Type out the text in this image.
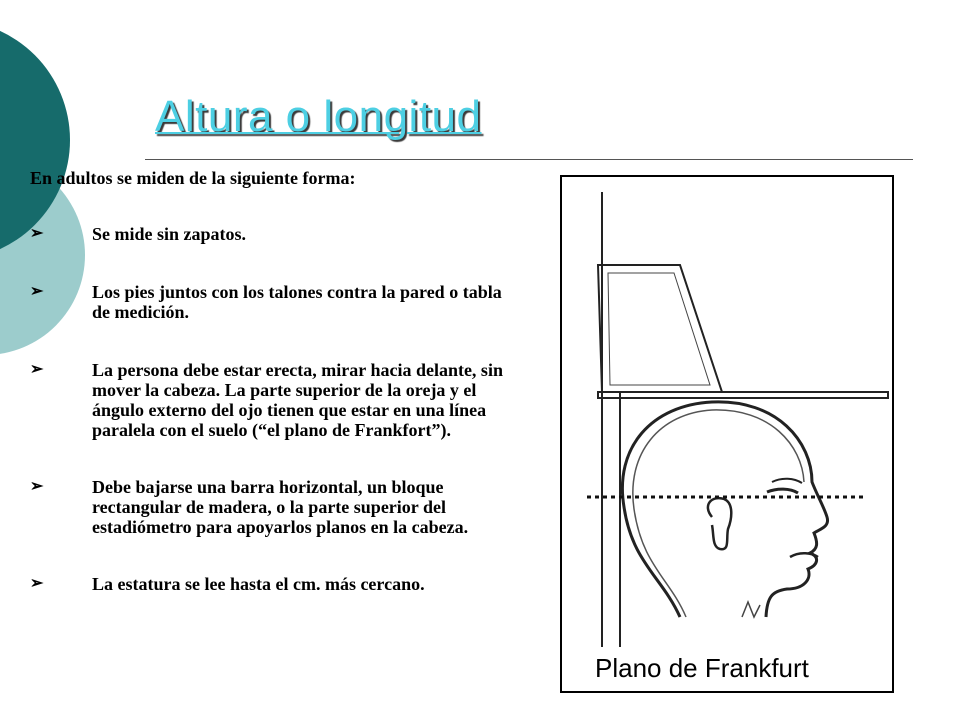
Altura o longitud
En adultos se miden de la siguiente forma:
➢	Se mide sin zapatos.
➢	Los pies juntos con los talones contra la pared o tabla de medición.
➢	La persona debe estar erecta, mirar hacia delante, sin mover la cabeza. La parte superior de la oreja y el ángulo externo del ojo tienen que estar en una línea paralela con el suelo (“el plano de Frankfort”).
➢	Debe bajarse una barra horizontal, un bloque rectangular de madera, o la parte superior del estadiómetro para apoyarlos planos en la cabeza.
➢	La estatura se lee hasta el cm. más cercano.
Plano de Frankfurt
